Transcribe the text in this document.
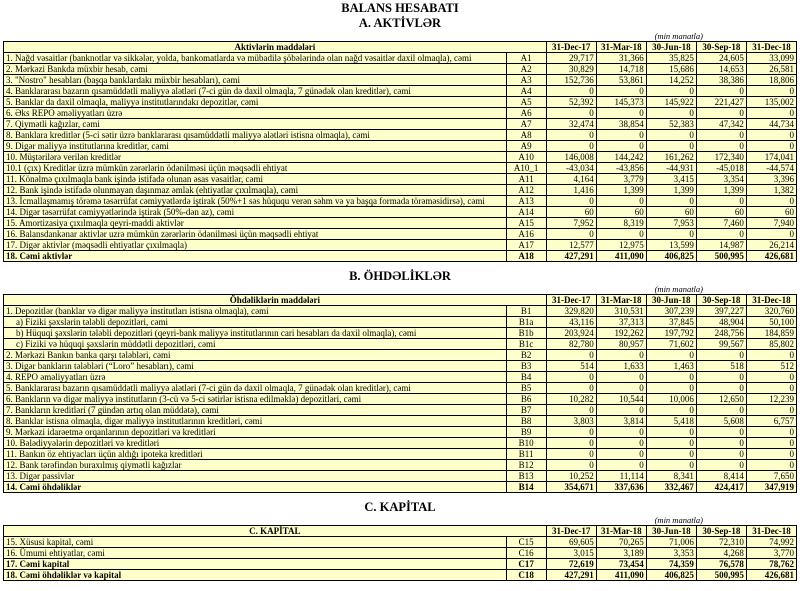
BALANS HESABATI
A. AKTİVLƏR
(min manatla)
Aktivlərin maddələri		31-Dec-17	31-Mar-18	30-Jun-18	30-Sep-18	31-Dec-18
1. Nağd vəsaitlər (banknotlar və sikkələr, yolda, bankomatlarda və mübadilə şöbələrində olan nağd vəsaitlər daxil olmaqla), cəmi	A1	29,717	31,366	35,825	24,605	33,099
2. Mərkəzi Bankda müxbir hesab, cəmi	A2	30,829	14,718	15,686	14,653	26,581
3. "Nostro" hesabları (başqa banklardakı müxbir hesabları), cəmi	A3	152,736	53,861	14,252	38,386	18,806
4. Banklararası bazarın qısamüddətli maliyyə alətləri (7-ci gün də daxil olmaqla, 7 günədək olan kreditlər), cəmi	A4	0	0	0	0	0
5. Banklar da daxil olmaqla, maliyyə institutlarındakı depozitlər, cəmi	A5	52,392	145,373	145,922	221,427	135,002
6. Əks REPO əməliyyatları üzrə	A6	0	0	0	0	0
7. Qiymətli kağızlar, cəmi	A7	32,474	38,854	52,383	47,342	44,734
8. Banklara kreditlər (5-ci sətir üzrə banklararası qısamüddətli maliyyə alətləri istisna olmaqla), cəmi	A8	0	0	0	0	0
9. Digər maliyyə institutlarına kreditlər, cəmi	A9	0	0	0	0	0
10. Müştərilərə verilən kreditlər	A10	146,008	144,242	161,262	172,340	174,041
10.1 (çıx) Kreditlər üzrə mümkün zərərlərin ödənilməsi üçün məqsədli ehtiyat	A10_1	-43,034	-43,856	-44,931	-45,018	-44,574
11. Könəlmə çıxılmaqla bank işində istifadə olunan əsas vəsaitlər, cəmi	A11	4,164	3,779	3,415	3,354	3,396
12. Bank işində istifadə olunmayan daşınmaz əmlak (ehtiyatlar çıxılmaqla), cəmi	A12	1,416	1,399	1,399	1,399	1,382
13. İcmallaşmamış törəmə təsərrüfat cəmiyyətlərdə iştirak (50%+1 səs hüququ verən səhm və ya başqa formada törəməsidirsə), cəmi	A13	0	0	0	0	0
14. Digər təsərrüfat cəmiyyətlərində iştirak (50%-dən az), cəmi	A14	60	60	60	60	60
15. Amortizasiya çıxılmaqla qeyri-maddi aktivlər	A15	7,952	8,319	7,953	7,460	7,940
16. Balansdankənar aktivlər uzrə mümkün zərərlərin ödənilməsi üçün məqsədli ehtiyat	A16	0	0	0	0	0
17. Digər aktivlər (məqsədli ehtiyatlar çıxılmaqla)	A17	12,577	12,975	13,599	14,987	26,214
18. Cəmi aktivlər	A18	427,291	411,090	406,825	500,995	426,681
B. ÖHDƏLİKLƏR
(min manatla)
Öhdəliklərin maddələri		31-Dec-17	31-Mar-18	30-Jun-18	30-Sep-18	31-Dec-18
1. Depozitlər (banklar və digər maliyyə institutları istisna olmaqla), cəmi	B1	329,820	310,531	307,239	397,227	320,760
a) Fiziki şəxslərin tələbli depozitləri, cəmi	B1a	43,116	37,313	37,845	48,904	50,100
b) Hüquqi şəxslərin tələbli depozitləri (qeyri-bank maliyyə institutlarının cari hesabları da daxil olmaqla), cəmi	B1b	203,924	192,262	197,792	248,756	184,859
c) Fiziki və hüquqi şəxslərin müddətli depozitləri, cəmi	B1c	82,780	80,957	71,602	99,567	85,802
2. Mərkəzi Bankın banka qarşı tələbləri, cəmi	B2	0	0	0	0	0
3. Digər bankların tələbləri (“Loro” hesabları), cəmi	B3	514	1,633	1,463	518	512
4. REPO əməliyyatları üzrə	B4	0	0	0	0	0
5. Banklararası bazarın qısamüddətli maliyyə alətləri (7-ci gün də daxil olmaqla, 7 günədək olan kreditlər), cəmi	B5	0	0	0	0	0
6. Bankların və digər maliyyə institutların (3-cü və 5-ci sətirlər istisna edilməklə) depozitləri, cəmi	B6	10,282	10,544	10,006	12,650	12,239
7. Bankların kreditləri (7 gündən artıq olan müddətə), cəmi	B7	0	0	0	0	0
8. Banklar istisna olmaqla, digər maliyyə institutlarının kreditləri, cəmi	B8	3,803	3,814	5,418	5,608	6,757
9. Mərkəzi idarəetmə orqanlarının depozitləri və kreditləri	B9	0	0	0	0	0
10. Bələdiyyələrin depozitləri və kreditləri	B10	0	0	0	0	0
11. Bankın öz ehtiyacları üçün aldığı ipoteka kreditləri	B11	0	0	0	0	0
12. Bank tərəfindən buraxılmış qiymətli kağızlar	B12	0	0	0	0	0
13. Digər passivlər	B13	10,252	11,114	8,341	8,414	7,650
14. Cəmi öhdəliklər	B14	354,671	337,636	332,467	424,417	347,919
C. KAPİTAL
(min manatla)
C. KAPİTAL		31-Dec-17	31-Mar-18	30-Jun-18	30-Sep-18	31-Dec-18
15. Xüsusi kapital, cəmi	C15	69,605	70,265	71,006	72,310	74,992
16. Ümumi ehtiyatlar, cəmi	C16	3,015	3,189	3,353	4,268	3,770
17. Cəmi kapital	C17	72,619	73,454	74,359	76,578	78,762
18. Cəmi öhdəliklər və kapital	C18	427,291	411,090	406,825	500,995	426,681
